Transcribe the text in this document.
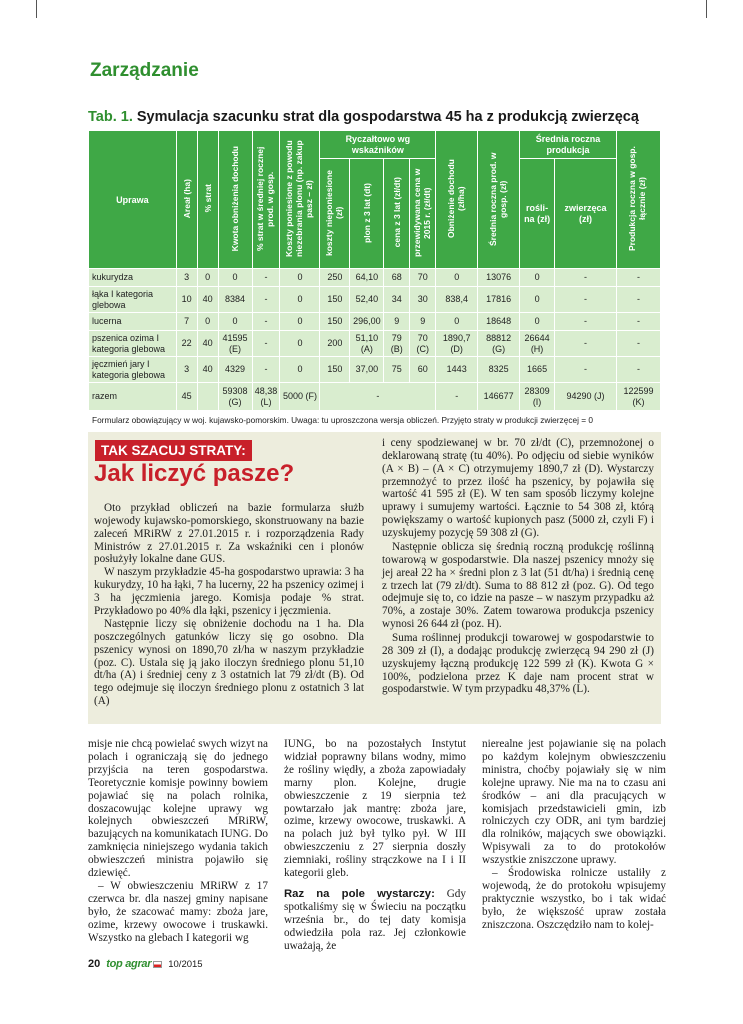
Zarządzanie
Tab. 1. Symulacja szacunku strat dla gospodarstwa 45 ha z produkcją zwierzęcą
Uprawa	Areał (ha)	% strat	Kwota obniżenia dochodu	% strat w średniej rocznej prod. w gosp.	Koszty poniesione z powodu niezebrania plonu (np. zakup pasz – zł)	Ryczałtowo wg wskaźników				Obniżenie dochodu (zł/ha)	Średnia roczna prod. w gosp. (zł)	Średnia roczna produkcja		Produkcja roczna w gosp. łącznie (zł)
						koszty nieponiesione (zł)	plon z 3 lat (dt)	cena z 3 lat (zł/dt)	przewidywana cena w 2015 r. (zł/dt)			roślina (zł)	zwierzęca (zł)	

kukurydza	3	0	0	-	0	250	64,10	68	70	0	13076	0	-	-
łąka I kategoria glebowa	10	40	8384	-	0	150	52,40	34	30	838,4	17816	0	-	-
lucerna	7	0	0	-	0	150	296,00	9	9	0	18648	0	-	-
pszenica ozima I kategoria glebowa	22	40	41595 (E)	-	0	200	51,10 (A)	79 (B)	70 (C)	1890,7 (D)	88812 (G)	26644 (H)	-	-
jęczmień jary I kategoria glebowa	3	40	4329	-	0	150	37,00	75	60	1443	8325	1665	-	-
razem	45		59308 (G)	48,38 (L)	5000 (F)	-				-	146677	28309 (I)	94290 (J)	122599 (K)
Formularz obowiązujący w woj. kujawsko-pomorskim. Uwaga: tu uproszczona wersja obliczeń. Przyjęto straty w produkcji zwierzęcej = 0														
TAK SZACUJ STRATY:
Jak liczyć pasze?
Oto przykład obliczeń na bazie formularza służb wojewody kujawsko-pomorskiego, skonstruowany na bazie zaleceń MRiRW z 27.01.2015 r. i rozporządzenia Rady Ministrów z 27.01.2015 r. Za wskaźniki cen i plonów posłużyły lokalne dane GUS.
W naszym przykładzie 45-ha gospodarstwo uprawia: 3 ha kukurydzy, 10 ha łąki, 7 ha lucerny, 22 ha pszenicy ozimej i 3 ha jęczmienia jarego. Komisja podaje % strat. Przykładowo po 40% dla łąki, pszenicy i jęczmienia.
Następnie liczy się obniżenie dochodu na 1 ha. Dla poszczególnych gatunków liczy się go osobno. Dla pszenicy wynosi on 1890,70 zł/ha w naszym przykładzie (poz. C). Ustala się ją jako iloczyn średniego plonu 51,10 dt/ha (A) i średniej ceny z 3 ostatnich lat 79 zł/dt (B). Od tego odejmuje się iloczyn średniego plonu z ostatnich 3 lat (A)
i ceny spodziewanej w br. 70 zł/dt (C), przemnożonej o deklarowaną stratę (tu 40%). Po odjęciu od siebie wyników (A × B) – (A × C) otrzymujemy 1890,7 zł (D). Wystarczy przemnożyć to przez ilość ha pszenicy, by pojawiła się wartość 41 595 zł (E). W ten sam sposób liczymy kolejne uprawy i sumujemy wartości. Łącznie to 54 308 zł, którą powiększamy o wartość kupionych pasz (5000 zł, czyli F) i uzyskujemy pozycję 59 308 zł (G).
Następnie oblicza się średnią roczną produkcję roślinną towarową w gospodarstwie. Dla naszej pszenicy mnoży się jej areał 22 ha × średni plon z 3 lat (51 dt/ha) i średnią cenę z trzech lat (79 zł/dt). Suma to 88 812 zł (poz. G). Od tego odejmuje się to, co idzie na pasze – w naszym przypadku aż 70%, a zostaje 30%. Zatem towarowa produkcja pszenicy wynosi 26 644 zł (poz. H).
Suma roślinnej produkcji towarowej w gospodarstwie to 28 309 zł (I), a dodając produkcję zwierzęcą 94 290 zł (J) uzyskujemy łączną produkcję 122 599 zł (K). Kwota G × 100%, podzielona przez K daje nam procent strat w gospodarstwie. W tym przypadku 48,37% (L).

misje nie chcą powielać swych wizyt na polach i ograniczają się do jednego przyjścia na teren gospodarstwa. Teoretycznie komisje powinny bowiem pojawiać się na polach rolnika, doszacowując kolejne uprawy wg kolejnych obwieszczeń MRiRW, bazujących na komunikatach IUNG. Do zamknięcia niniejszego wydania takich obwieszczeń ministra pojawiło się dziewięć.

– W obwieszczeniu MRiRW z 17 czerwca br. dla naszej gminy napisane było, że szacować mamy: zboża jare, ozime, krzewy owocowe i truskawki. Wszystko na glebach I kategorii wg

IUNG, bo na pozostałych Instytut widział poprawny bilans wodny, mimo że rośliny więdły, a zboża zapowiadały marny plon. Kolejne, drugie obwieszczenie z 19 sierpnia też powtarzało jak mantrę: zboża jare, ozime, krzewy owocowe, truskawki. A na polach już był tylko pył. W III obwieszczeniu z 27 sierpnia doszły ziemniaki, rośliny strączkowe na I i II kategorii gleb.

Raz na pole wystarczy: Gdy spotkaliśmy się w Świeciu na początku września br., do tej daty komisja odwiedziła pola raz. Jej członkowie uważają, że

nierealne jest pojawianie się na polach po każdym kolejnym obwieszczeniu ministra, choćby pojawiały się w nim kolejne uprawy. Nie ma na to czasu ani środków – ani dla pracujących w komisjach przedstawicieli gmin, izb rolniczych czy ODR, ani tym bardziej dla rolników, mających swe obowiązki. Wpisywali za to do protokołów wszystkie zniszczone uprawy.

– Środowiska rolnicze ustaliły z wojewodą, że do protokołu wpisujemy praktycznie wszystko, bo i tak widać było, że większość upraw została zniszczona. Oszczędziło nam to kolej-

20 top agrar 10/2015
